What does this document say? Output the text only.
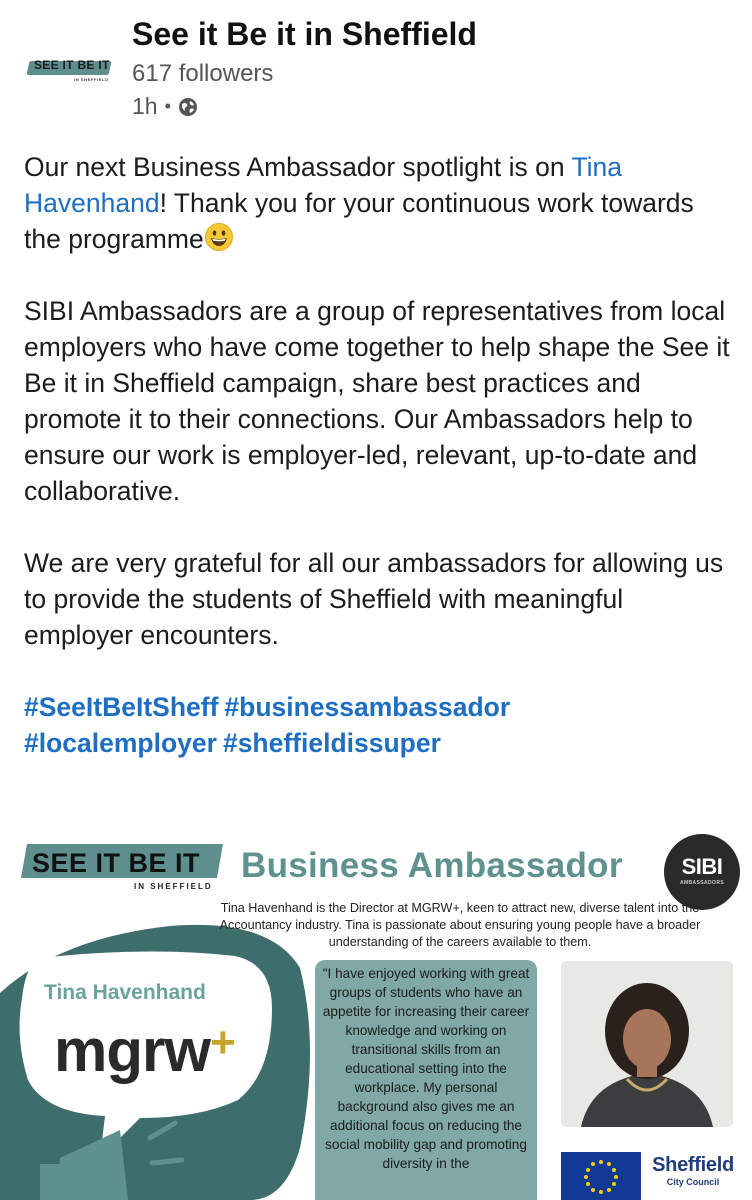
SEE IT BE IT
IN SHEFFIELD
See it Be it in Sheffield
617 followers
1h •

Our next Business Ambassador spotlight is on Tina Havenhand! Thank you for your continuous work towards the programme

SIBI Ambassadors are a group of representatives from local employers who have come together to help shape the See it Be it in Sheffield campaign, share best practices and promote it to their connections. Our Ambassadors help to ensure our work is employer-led, relevant, up-to-date and collaborative.

We are very grateful for all our ambassadors for allowing us to provide the students of Sheffield with meaningful employer encounters.

#SeeItBeItSheff #businessambassador
#localemployer #sheffieldissuper
SEE IT BE IT
IN SHEFFIELD
Business Ambassador	SIBI
AMBASSADORS
Tina Havenhand is the Director at MGRW+, keen to attract new, diverse talent into the Accountancy industry. Tina is passionate about ensuring young people have a broader understanding of the careers available to them.
Tina Havenhand
mgrw+
"I have enjoyed working with great groups of students who have an appetite for increasing their career knowledge and working on transitional skills from an educational setting into the workplace. My personal background also gives me an additional focus on reducing the social mobility gap and promoting diversity in the	Sheffield
City Council
